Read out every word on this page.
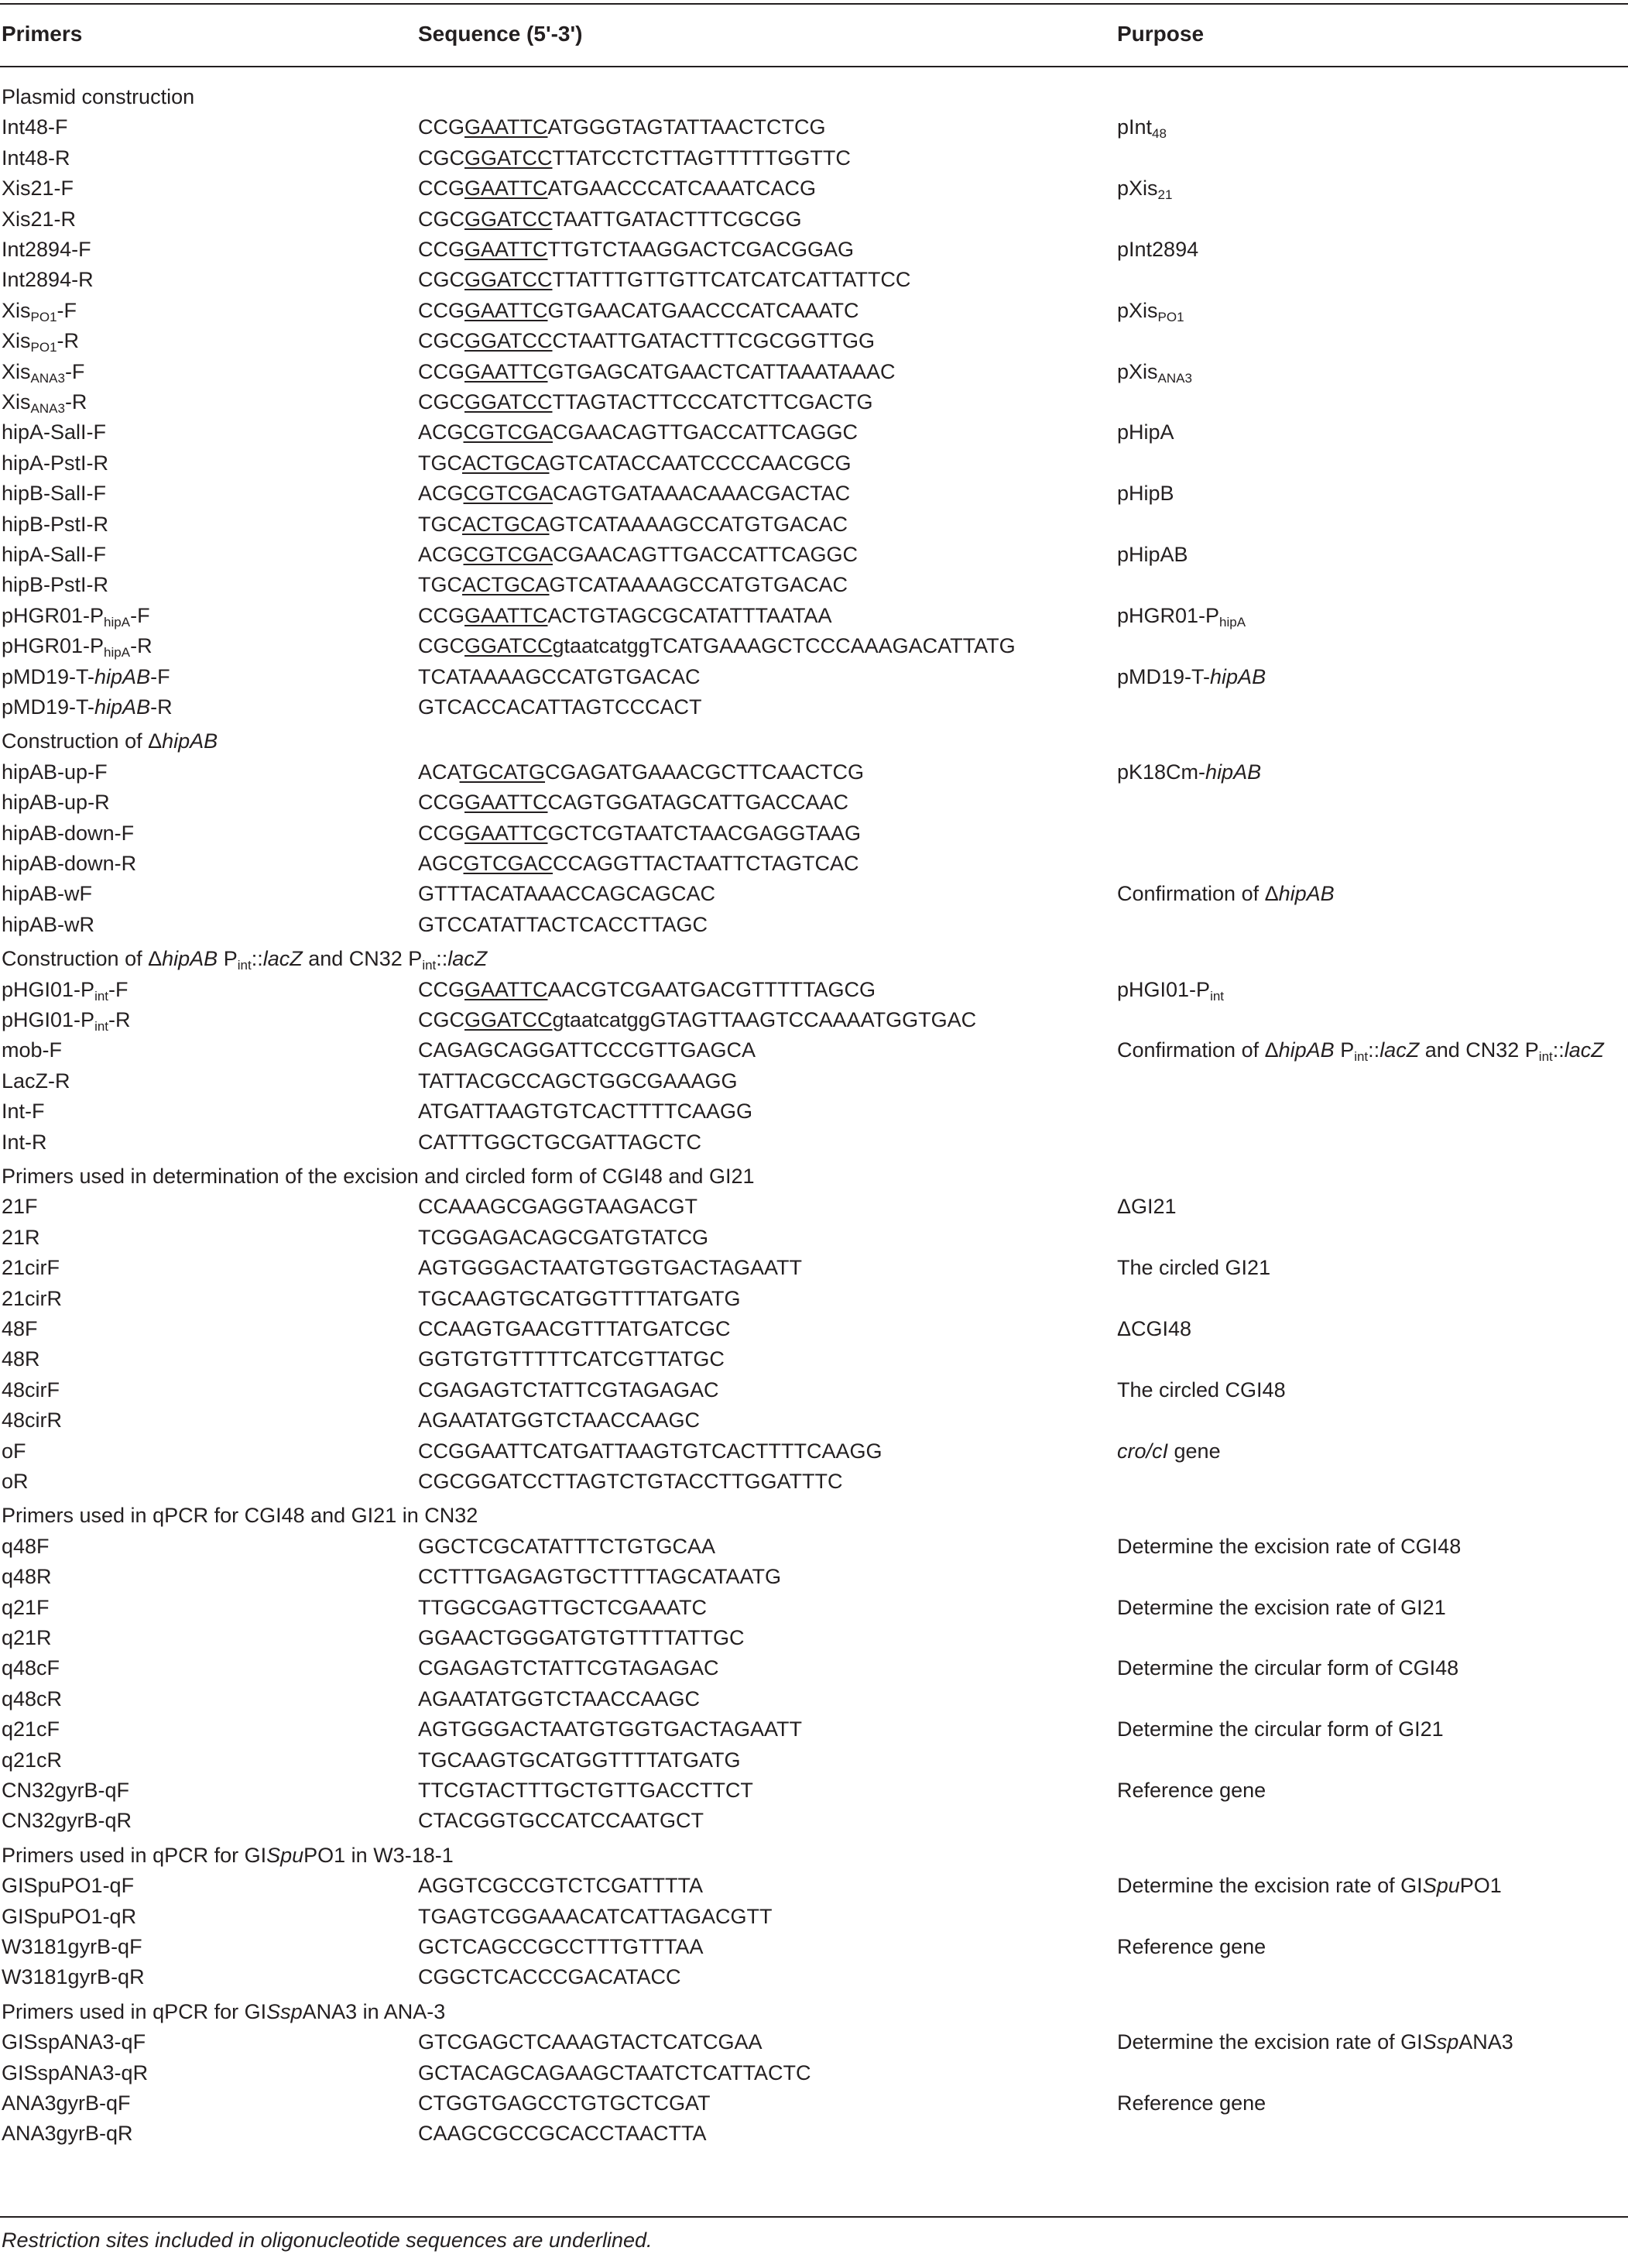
Primers	Sequence (5'-3')	Purpose
Plasmid construction
Int48-F	CCGGAATTCATGGGTAGTATTAACTCTCG	pInt$_{48}$
Int48-R	CGCGGATCCTTATCCTCTTAGTTTTTGGTTC
Xis21-F	CCGGAATTCATGAACCCATCAAATCACG	pXis$_{21}$
Xis21-R	CGCGGATCCTAATTGATACTTTCGCGG
Int2894-F	CCGGAATTCTTGTCTAAGGACTCGACGGAG	pInt2894
Int2894-R	CGCGGATCCTTATTTGTTGTTCATCATCATTATTCC
Xis$_{PO1}$-F	CCGGAATTCGTGAACATGAACCCATCAAATC	pXis$_{PO1}$
Xis$_{PO1}$-R	CGCGGATCCCTAATTGATACTTTCGCGGTTGG
Xis$_{ANA3}$-F	CCGGAATTCGTGAGCATGAACTCATTAAATAAAC	pXis$_{ANA3}$
Xis$_{ANA3}$-R	CGCGGATCCTTAGTACTTCCCATCTTCGACTG
hipA-SalI-F	ACGCGTCGACGAACAGTTGACCATTCAGGC	pHipA
hipA-PstI-R	TGCACTGCAGTCATACCAATCCCCAACGCG
hipB-SalI-F	ACGCGTCGACAGTGATAAACAAACGACTAC	pHipB
hipB-PstI-R	TGCACTGCAGTCATAAAAGCCATGTGACAC
hipA-SalI-F	ACGCGTCGACGAACAGTTGACCATTCAGGC	pHipAB
hipB-PstI-R	TGCACTGCAGTCATAAAAGCCATGTGACAC
$pHGR01-P_{hipA}-F$	CCGGAATTCACTGTAGCGCATATTTAATAA	$pHGR01-P_{hipA}$
$pHGR01-P_{hipA}-R$	CGCGGATCCgtaatcatggTCATGAAAGCTCCCAAAGACATTATG
pMD19-T-hipAB-F	TCATAAAAGCCATGTGACAC	pMD19-T-hipAB
pMD19-T-hipAB-R	GTCACCACATTAGTCCCACT
Construction of ΔhipAB
hipAB-up-F	ACATGCATGCGAGATGAAACGCTTCAACTCG	pK18Cm-hipAB
hipAB-up-R	CCGGAATTCCAGTGGATAGCATTGACCAAC
hipAB-down-F	CCGGAATTCGCTCGTAATCTAACGAGGTAAG
hipAB-down-R	AGCGTCGACCCAGGTTACTAATTCTAGTCAC
hipAB-wF	GTTTACATAAACCAGCAGCAC	Confirmation of ΔhipAB
hipAB-wR	GTCCATATTACTCACCTTAGC
Construction of ΔhipAB $P_{int}::lacZ$ and CN32 $P_{int}::lacZ$
$pHGI01-P_{int}-F$	CCGGAATTCAACGTCGAATGACGTTTTTAGCG	$pHGI01-P_{int}$
$pHGI01-P_{int}-R$	CGCGGATCCgtaatcatggGTAGTTAAGTCCAAAATGGTGAC
mob-F	CAGAGCAGGATTCCCGTTGAGCA	Confirmation of ΔhipAB $P_{int}::lacZ$ and CN32 $P_{int}::lacZ$
LacZ-R	TATTACGCCAGCTGGCGAAAGG
Int-F	ATGATTAAGTGTCACTTTTCAAGG
Int-R	CATTTGGCTGCGATTAGCTC
Primers used in determination of the excision and circled form of CGI48 and GI21
21F	CCAAAGCGAGGTAAGACGT	ΔGI21
21R	TCGGAGACAGCGATGTATCG
21cirF	AGTGGGACTAATGTGGTGACTAGAATT	The circled GI21
21cirR	TGCAAGTGCATGGTTTTATGATG
48F	CCAAGTGAACGTTTATGATCGC	ΔCGI48
48R	GGTGTGTTTTTCATCGTTATGC
48cirF	CGAGAGTCTATTCGTAGAGAC	The circled CGI48
48cirR	AGAATATGGTCTAACCAAGC
oF	CCGGAATTCATGATTAAGTGTCACTTTTCAAGG	cro/cI gene
oR	CGCGGATCCTTAGTCTGTACCTTGGATTTC
Primers used in qPCR for CGI48 and GI21 in CN32
q48F	GGCTCGCATATTTCTGTGCAA	Determine the excision rate of CGI48
q48R	CCTTTGAGAGTGCTTTTAGCATAATG
q21F	TTGGCGAGTTGCTCGAAATC	Determine the excision rate of GI21
q21R	GGAACTGGGATGTGTTTTATTGC
q48cF	CGAGAGTCTATTCGTAGAGAC	Determine the circular form of CGI48
q48cR	AGAATATGGTCTAACCAAGC
q21cF	AGTGGGACTAATGTGGTGACTAGAATT	Determine the circular form of GI21
q21cR	TGCAAGTGCATGGTTTTATGATG
CN32gyrB-qF	TTCGTACTTTGCTGTTGACCTTCT	Reference gene
CN32gyrB-qR	CTACGGTGCCATCCAATGCT
Primers used in qPCR for GISpuPO1 in W3-18-1
GISpuPO1-qF	AGGTCGCCGTCTCGATTTTA	Determine the excision rate of GISpuPO1
GISpuPO1-qR	TGAGTCGGAAACATCATTAGACGTT
W3181gyrB-qF	GCTCAGCCGCCTTTGTTTAA	Reference gene
W3181gyrB-qR	CGGCTCACCCGACATACC
Primers used in qPCR for GISspANA3 in ANA-3
GISspANA3-qF	GTCGAGCTCAAAGTACTCATCGAA	Determine the excision rate of GISspANA3
GISspANA3-qR	GCTACAGCAGAAGCTAATCTCATTACTC
ANA3gyrB-qF	CTGGTGAGCCTGTGCTCGAT	Reference gene
ANA3gyrB-qR	CAAGCGCCGCACCTAACTTA
Restriction sites included in oligonucleotide sequences are underlined.
